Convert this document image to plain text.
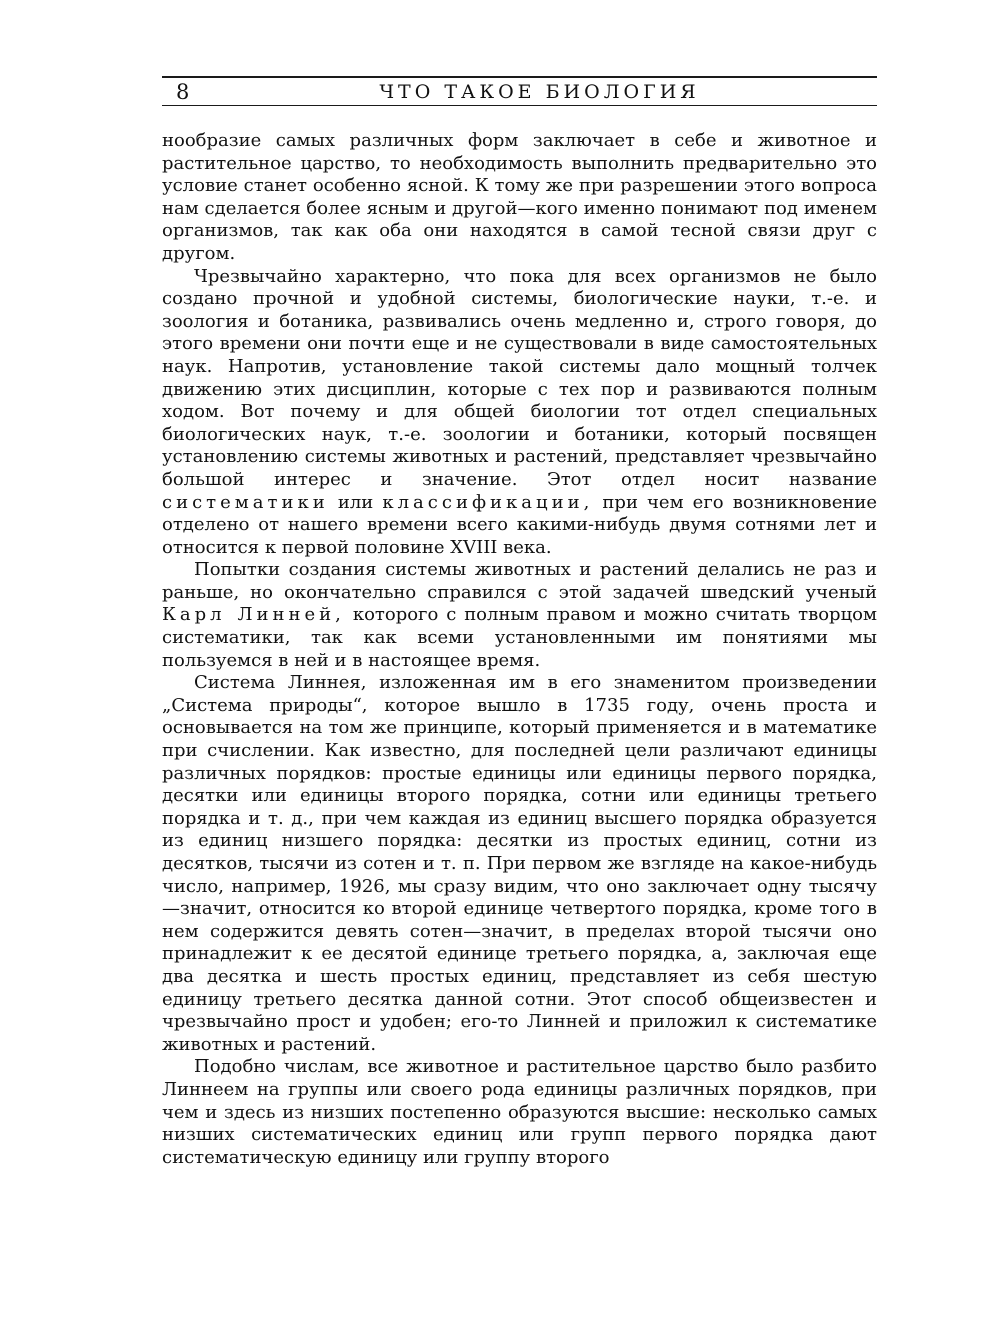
8	ЧТО ТАКОЕ БИОЛОГИЯ

нообразие самых различных форм заключает в себе и животное и растительное царство, то необходимость выполнить предварительно это условие станет особенно ясной. К тому же при разрешении этого вопроса нам сделается более ясным и другой—кого именно понимают под именем организмов, так как оба они находятся в самой тесной связи друг с другом.

Чрезвычайно характерно, что пока для всех организмов не было создано прочной и удобной системы, биологические науки, т.-е. и зоология и ботаника, развивались очень медленно и, строго говоря, до этого времени они почти еще и не существовали в виде самостоятельных наук. Напротив, установление такой системы дало мощный толчек движению этих дисциплин, которые с тех пор и развиваются полным ходом. Вот почему и для общей биологии тот отдел специальных биологических наук, т.-е. зоологии и ботаники, который посвящен установлению системы животных и растений, представляет чрезвычайно большой интерес и значение. Этот отдел носит название систематики или классификации, при чем его возникновение отделено от нашего времени всего какими-нибудь двумя сотнями лет и относится к первой половине XVIII века.

Попытки создания системы животных и растений делались не раз и раньше, но окончательно справился с этой задачей шведский ученый Карл Линней, которого с полным правом и можно считать творцом систематики, так как всеми установленными им понятиями мы пользуемся в ней и в настоящее время.

Система Линнея, изложенная им в его знаменитом произведении „Система природы“, которое вышло в 1735 году, очень проста и основывается на том же принципе, который применяется и в математике при счислении. Как известно, для последней цели различают единицы различных порядков: простые единицы или единицы первого порядка, десятки или единицы второго порядка, сотни или единицы третьего порядка и т. д., при чем каждая из единиц высшего порядка образуется из единиц низшего порядка: десятки из простых единиц, сотни из десятков, тысячи из сотен и т. п. При первом же взгляде на какое-нибудь число, например, 1926, мы сразу видим, что оно заключает одну тысячу—значит, относится ко второй единице четвертого порядка, кроме того в нем содержится девять сотен—значит, в пределах второй тысячи оно принадлежит к ее десятой единице третьего порядка, а, заключая еще два десятка и шесть простых единиц, представляет из себя шестую единицу третьего десятка данной сотни. Этот способ общеизвестен и чрезвычайно прост и удобен; его-то Линней и приложил к систематике животных и растений.

Подобно числам, все животное и растительное царство было разбито Линнеем на группы или своего рода единицы различных порядков, при чем и здесь из низших постепенно образуются высшие: несколько самых низших систематических единиц или групп первого порядка дают систематическую единицу или группу второго
